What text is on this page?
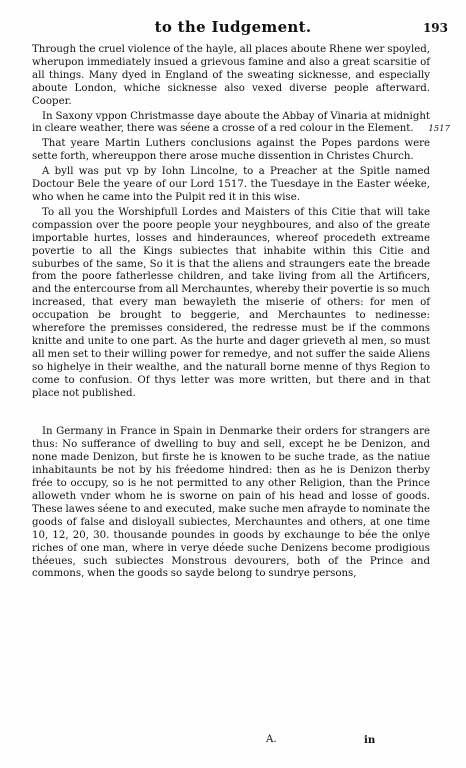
to the Iudgement.	193
1517

Through the cruel violence of the hayle, all places aboute Rhene wer spoyled, wherupon immediately insued a grievous famine and also a great scarsitie of all things. Many dyed in England of the sweating sicknesse, and especially aboute London, whiche sicknesse also vexed diverse people afterward. Cooper.

In Saxony vppon Christmasse daye aboute the Abbay of Vinaria at midnight in cleare weather, there was séene a crosse of a red colour in the Element.

That yeare Martin Luthers conclusions against the Popes pardons were sette forth, whereuppon there arose muche dissention in Christes Church.

A byll was put vp by Iohn Lincolne, to a Preacher at the Spitle named Doctour Bele the yeare of our Lord 1517. the Tuesdaye in the Easter wéeke, who when he came into the Pulpit red it in this wise.

To all you the Worshipfull Lordes and Maisters of this Citie that will take compassion over the poore people your neyghboures, and also of the greate importable hurtes, losses and hinderaunces, whereof procedeth extreame povertie to all the Kings subiectes that inhabite within this Citie and suburbes of the same, So it is that the aliens and straungers eate the breade from the poore fatherlesse children, and take living from all the Artificers, and the entercourse from all Merchauntes, whereby their povertie is so much increased, that every man bewayleth the miserie of others: for men of occupation be brought to beggerie, and Merchauntes to nedinesse: wherefore the premisses considered, the redresse must be if the commons knitte and unite to one part. As the hurte and dager grieveth al men, so must all men set to their willing power for remedye, and not suffer the saide Aliens so highelye in their wealthe, and the naturall borne menne of thys Region to come to confusion. Of thys letter was more written, but there and in that place not published.

In Germany in France in Spain in Denmarke their orders for strangers are thus: No sufferance of dwelling to buy and sell, except he be Denizon, and none made Denizon, but firste he is knowen to be suche trade, as the natiue inhabitaunts be not by his fréedome hindred: then as he is Denizon therby frée to occupy, so is he not permitted to any other Religion, than the Prince alloweth vnder whom he is sworne on pain of his head and losse of goods. These lawes séene to and executed, make suche men afrayde to nominate the goods of false and disloyall subiectes, Merchauntes and others, at one time 10, 12, 20, 30. thousande poundes in goods by exchaunge to bée the onlye riches of one man, where in verye déede suche Denizens become prodigious théeues, such subiectes Monstrous devourers, both of the Prince and commons, when the goods so sayde belong to sundrye persons,

A.	in
